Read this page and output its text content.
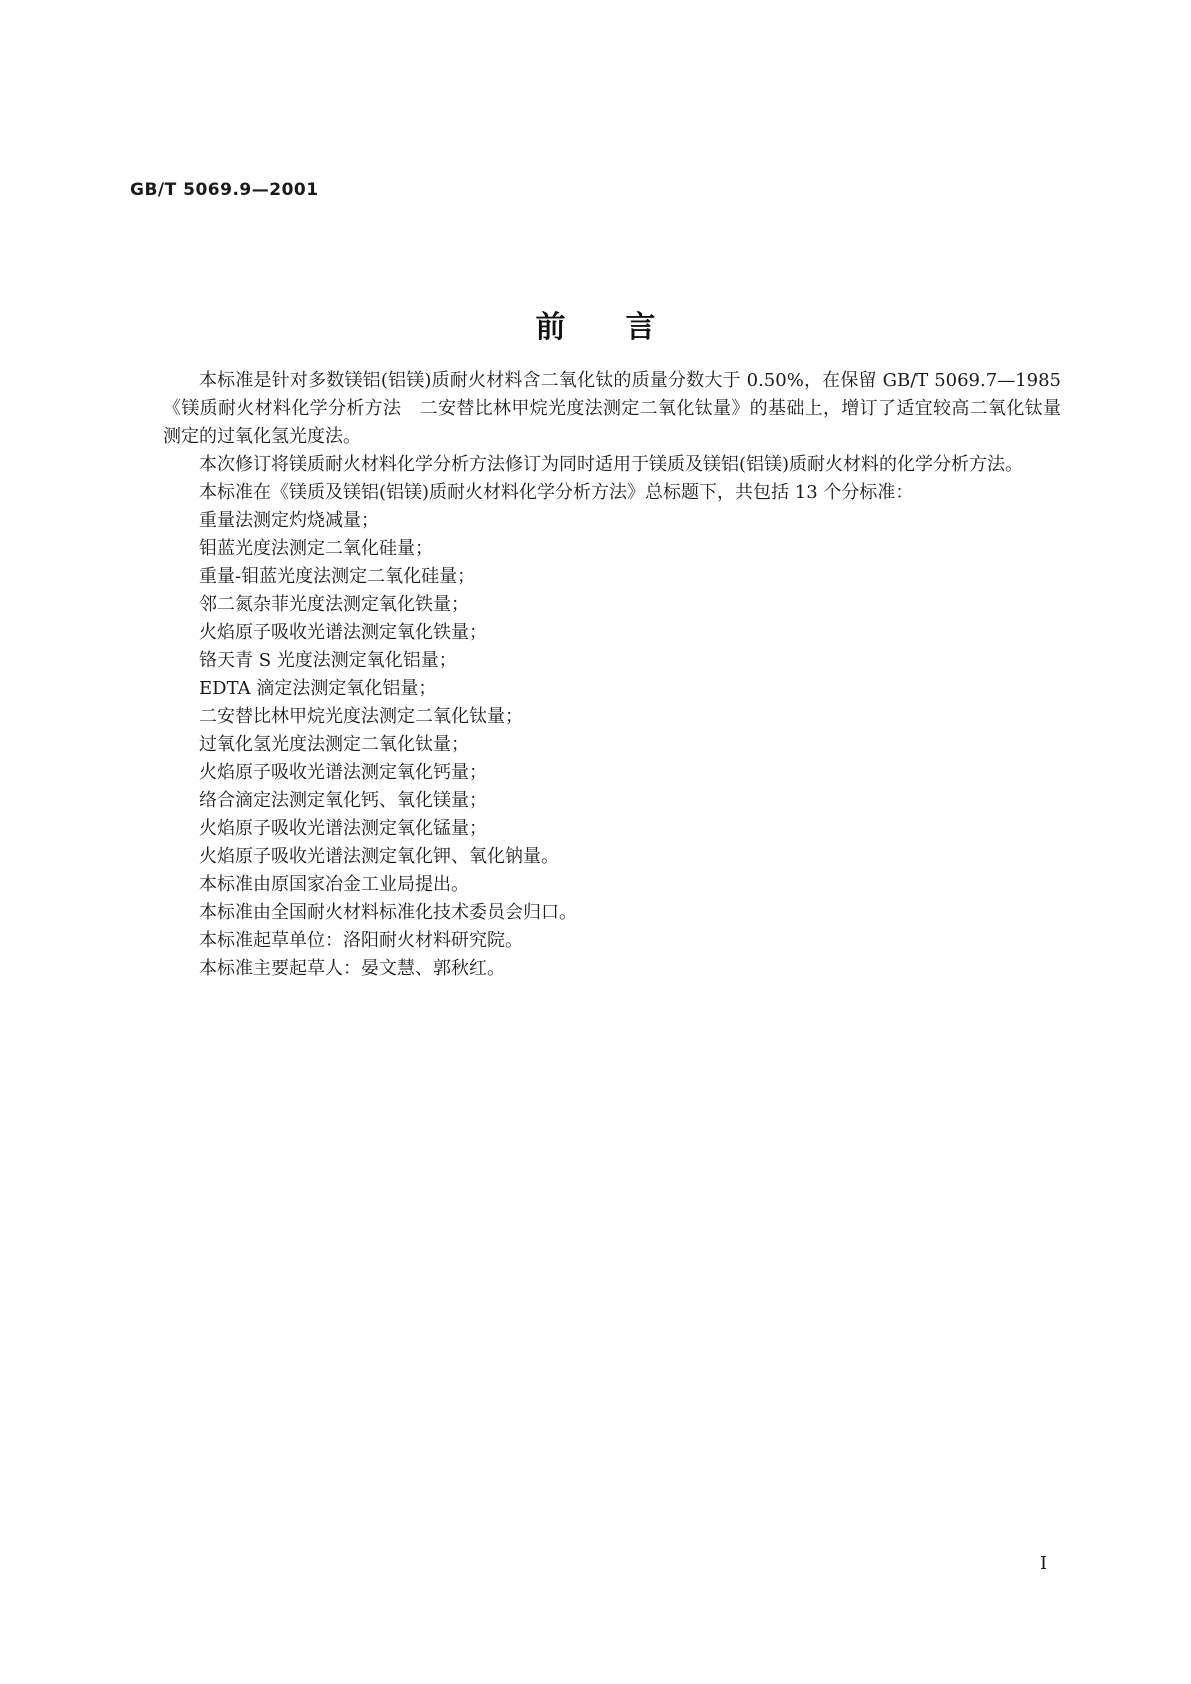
GB/T 5069.9—2001
前　　言

本标准是针对多数镁铝(铝镁)质耐火材料含二氧化钛的质量分数大于 0.50%，在保留 GB/T 5069.7—1985《镁质耐火材料化学分析方法　二安替比林甲烷光度法测定二氧化钛量》的基础上，增订了适宜较高二氧化钛量测定的过氧化氢光度法。

本次修订将镁质耐火材料化学分析方法修订为同时适用于镁质及镁铝(铝镁)质耐火材料的化学分析方法。

本标准在《镁质及镁铝(铝镁)质耐火材料化学分析方法》总标题下，共包括 13 个分标准：

重量法测定灼烧减量；
钼蓝光度法测定二氧化硅量；
重量-钼蓝光度法测定二氧化硅量；
邻二氮杂菲光度法测定氧化铁量；
火焰原子吸收光谱法测定氧化铁量；
铬天青 S 光度法测定氧化铝量；
EDTA 滴定法测定氧化铝量；
二安替比林甲烷光度法测定二氧化钛量；
过氧化氢光度法测定二氧化钛量；
火焰原子吸收光谱法测定氧化钙量；
络合滴定法测定氧化钙、氧化镁量；
火焰原子吸收光谱法测定氧化锰量；
火焰原子吸收光谱法测定氧化钾、氧化钠量。

本标准由原国家冶金工业局提出。

本标准由全国耐火材料标准化技术委员会归口。

本标准起草单位：洛阳耐火材料研究院。

本标准主要起草人：晏文慧、郭秋红。

I
